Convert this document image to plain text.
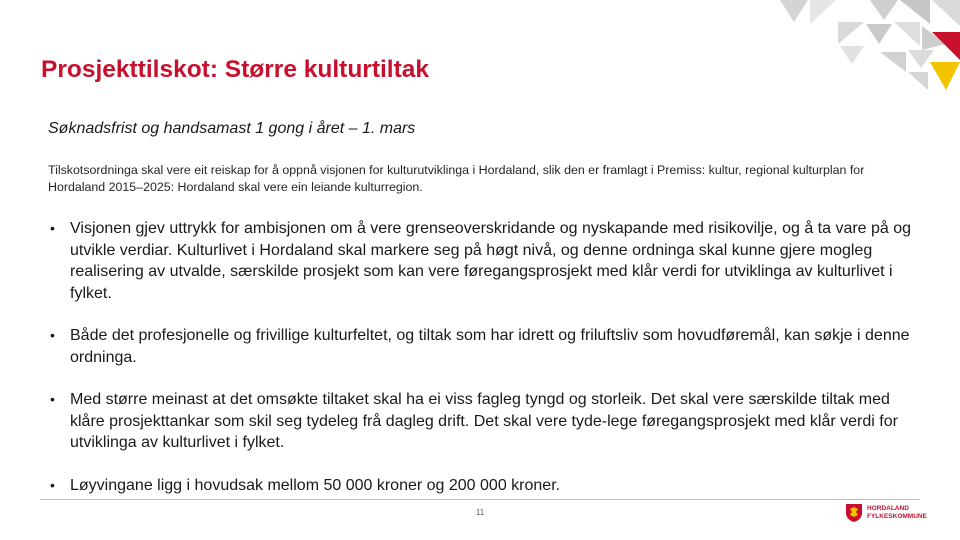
Prosjekttilskot: Større kulturtiltak

Søknadsfrist og handsamast 1 gong i året – 1. mars

Tilskotsordninga skal vere eit reiskap for å oppnå visjonen for kulturutviklinga i Hordaland, slik den er framlagt i Premiss: kultur, regional kulturplan for Hordaland 2015–2025: Hordaland skal vere ein leiande kulturregion.

• Visjonen gjev uttrykk for ambisjonen om å vere grenseoverskridande og nyskapande med risikovilje, og å ta vare på og utvikle verdiar. Kulturlivet i Hordaland skal markere seg på høgt nivå, og denne ordninga skal kunne gjere mogleg realisering av utvalde, særskilde prosjekt som kan vere føregangsprosjekt med klår verdi for utviklinga av kulturlivet i fylket.
• Både det profesjonelle og frivillige kulturfeltet, og tiltak som har idrett og friluftsliv som hovudføremål, kan søkje i denne ordninga.
• Med større meinast at det omsøkte tiltaket skal ha ei viss fagleg tyngd og storleik. Det skal vere særskilde tiltak med klåre prosjekttankar som skil seg tydeleg frå dagleg drift. Det skal vere tyde-lege føregangsprosjekt med klår verdi for utviklinga av kulturlivet i fylket.
• Løyvingane ligg i hovudsak mellom 50 000 kroner og 200 000 kroner.
11	HORDALAND
FYLKESKOMMUNE
